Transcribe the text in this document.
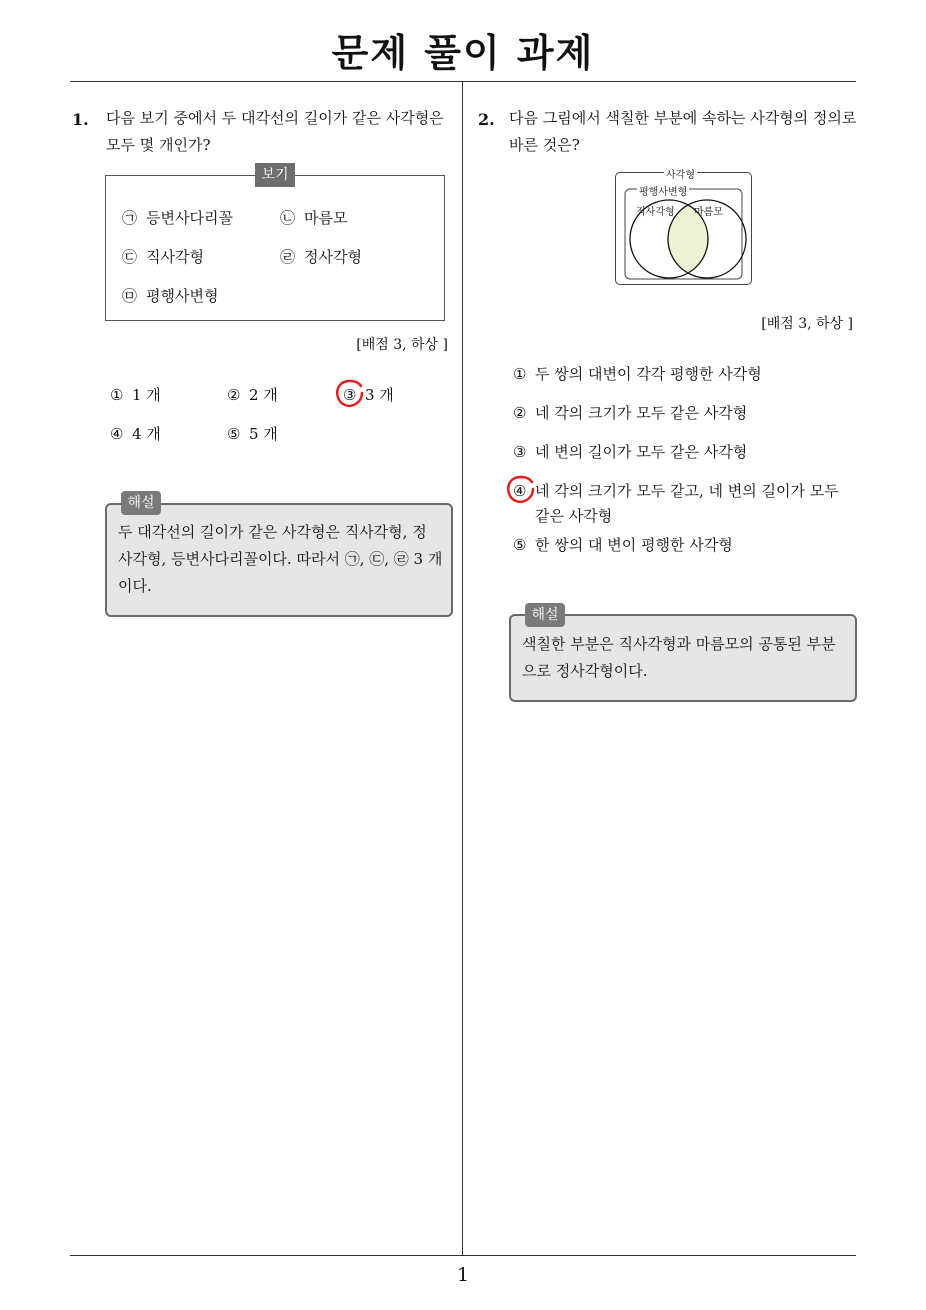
문제 풀이 과제
1
1. 다음 보기 중에서 두 대각선의 길이가 같은 사각형은
모두 몇 개인가?
보기
㉠ 등변사다리꼴	㉡ 마름모
㉢ 직사각형	㉣ 정사각형
㉤ 평행사변형
[배점 3, 하상 ]
① 1 개	② 2 개	③ 3 개
④ 4 개	⑤ 5 개
해설
두 대각선의 길이가 같은 사각형은 직사각형, 정
사각형, 등변사다리꼴이다. 따라서 ㉠, ㉢, ㉣ 3 개
이다.
2. 다음 그림에서 색칠한 부분에 속하는 사각형의 정의로
바른 것은?
사각형
평행사변형
직사각형 마름모
[배점 3, 하상 ]
① 두 쌍의 대변이 각각 평행한 사각형
② 네 각의 크기가 모두 같은 사각형
③ 네 변의 길이가 모두 같은 사각형
④ 네 각의 크기가 모두 같고, 네 변의 길이가 모두
같은 사각형
⑤ 한 쌍의 대 변이 평행한 사각형
해설
색칠한 부분은 직사각형과 마름모의 공통된 부분
으로 정사각형이다.
